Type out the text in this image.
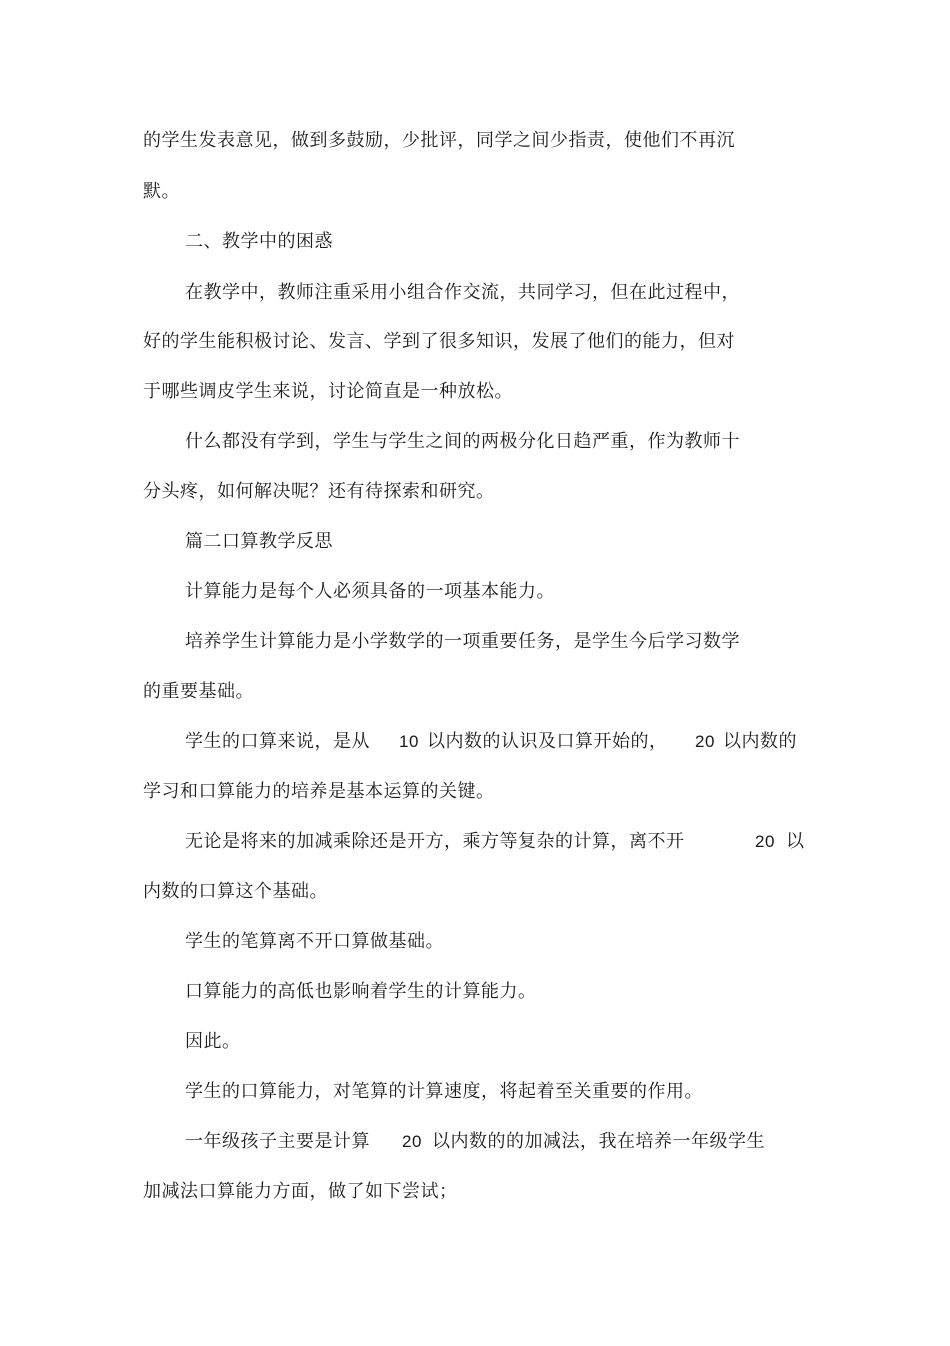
的学生发表意见，做到多鼓励，少批评，同学之间少指责，使他们不再沉
默。
二、教学中的困惑
在教学中，教师注重采用小组合作交流，共同学习，但在此过程中，
好的学生能积极讨论、发言、学到了很多知识，发展了他们的能力，但对
于哪些调皮学生来说，讨论简直是一种放松。
什么都没有学到，学生与学生之间的两极分化日趋严重，作为教师十
分头疼，如何解决呢？还有待探索和研究。
篇二口算教学反思
计算能力是每个人必须具备的一项基本能力。
培养学生计算能力是小学数学的一项重要任务，是学生今后学习数学
的重要基础。
学生的口算来说，是从 10 以内数的认识及口算开始的， 20 以内数的
学习和口算能力的培养是基本运算的关键。
无论是将来的加减乘除还是开方，乘方等复杂的计算，离不开	20 以
内数的口算这个基础。
学生的笔算离不开口算做基础。
口算能力的高低也影响着学生的计算能力。
因此。
学生的口算能力，对笔算的计算速度，将起着至关重要的作用。
一年级孩子主要是计算 20 以内数的的加减法，我在培养一年级学生
加减法口算能力方面，做了如下尝试；
